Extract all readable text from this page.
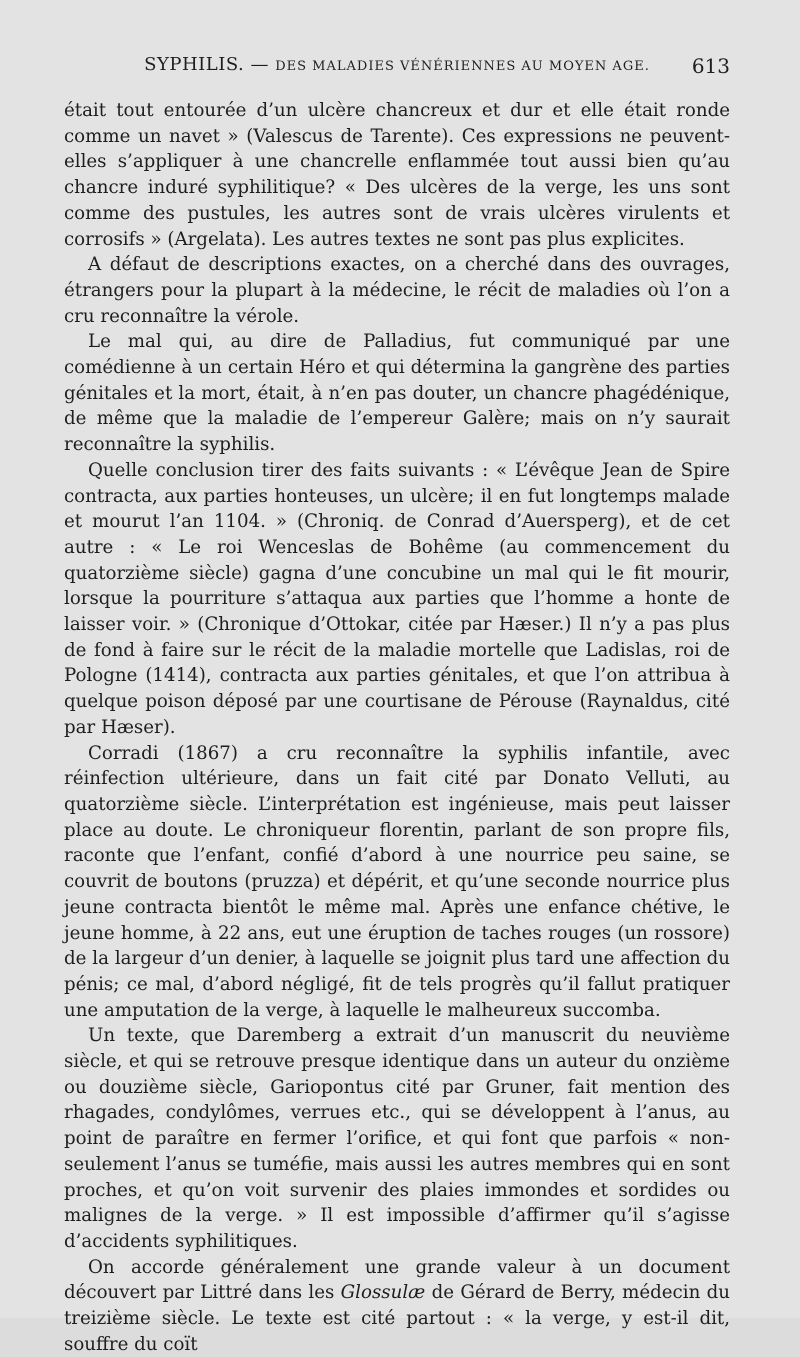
SYPHILIS. — DES MALADIES VÉNÉRIENNES AU MOYEN AGE.	613

était tout entourée d’un ulcère chancreux et dur et elle était ronde comme un navet » (Valescus de Tarente). Ces expressions ne peuvent-elles s’appliquer à une chancrelle enflammée tout aussi bien qu’au chancre induré syphilitique? « Des ulcères de la verge, les uns sont comme des pustules, les autres sont de vrais ulcères virulents et corrosifs » (Argelata). Les autres textes ne sont pas plus explicites.

A défaut de descriptions exactes, on a cherché dans des ouvrages, étrangers pour la plupart à la médecine, le récit de maladies où l’on a cru reconnaître la vérole.

Le mal qui, au dire de Palladius, fut communiqué par une comédienne à un certain Héro et qui détermina la gangrène des parties génitales et la mort, était, à n’en pas douter, un chancre phagédénique, de même que la maladie de l’empereur Galère; mais on n’y saurait reconnaître la syphilis.

Quelle conclusion tirer des faits suivants : « L’évêque Jean de Spire contracta, aux parties honteuses, un ulcère; il en fut longtemps malade et mourut l’an 1104. » (Chroniq. de Conrad d’Auersperg), et de cet autre : « Le roi Wenceslas de Bohême (au commencement du quatorzième siècle) gagna d’une concubine un mal qui le fit mourir, lorsque la pourriture s’attaqua aux parties que l’homme a honte de laisser voir. » (Chronique d’Ottokar, citée par Hæser.) Il n’y a pas plus de fond à faire sur le récit de la maladie mortelle que Ladislas, roi de Pologne (1414), contracta aux parties génitales, et que l’on attribua à quelque poison déposé par une courtisane de Pérouse (Raynaldus, cité par Hæser).

Corradi (1867) a cru reconnaître la syphilis infantile, avec réinfection ultérieure, dans un fait cité par Donato Velluti, au quatorzième siècle. L’interprétation est ingénieuse, mais peut laisser place au doute. Le chroniqueur florentin, parlant de son propre fils, raconte que l’enfant, confié d’abord à une nourrice peu saine, se couvrit de boutons (pruzza) et dépérit, et qu’une seconde nourrice plus jeune contracta bientôt le même mal. Après une enfance chétive, le jeune homme, à 22 ans, eut une éruption de taches rouges (un rossore) de la largeur d’un denier, à laquelle se joignit plus tard une affection du pénis; ce mal, d’abord négligé, fit de tels progrès qu’il fallut pratiquer une amputation de la verge, à laquelle le malheureux succomba.

Un texte, que Daremberg a extrait d’un manuscrit du neuvième siècle, et qui se retrouve presque identique dans un auteur du onzième ou douzième siècle, Gariopontus cité par Gruner, fait mention des rhagades, condylômes, verrues etc., qui se développent à l’anus, au point de paraître en fermer l’orifice, et qui font que parfois « non-seulement l’anus se tuméfie, mais aussi les autres membres qui en sont proches, et qu’on voit survenir des plaies immondes et sordides ou malignes de la verge. » Il est impossible d’affirmer qu’il s’agisse d’accidents syphilitiques.

On accorde généralement une grande valeur à un document découvert par Littré dans les Glossulæ de Gérard de Berry, médecin du treizième siècle. Le texte est cité partout : « la verge, y est-il dit, souffre du coït
